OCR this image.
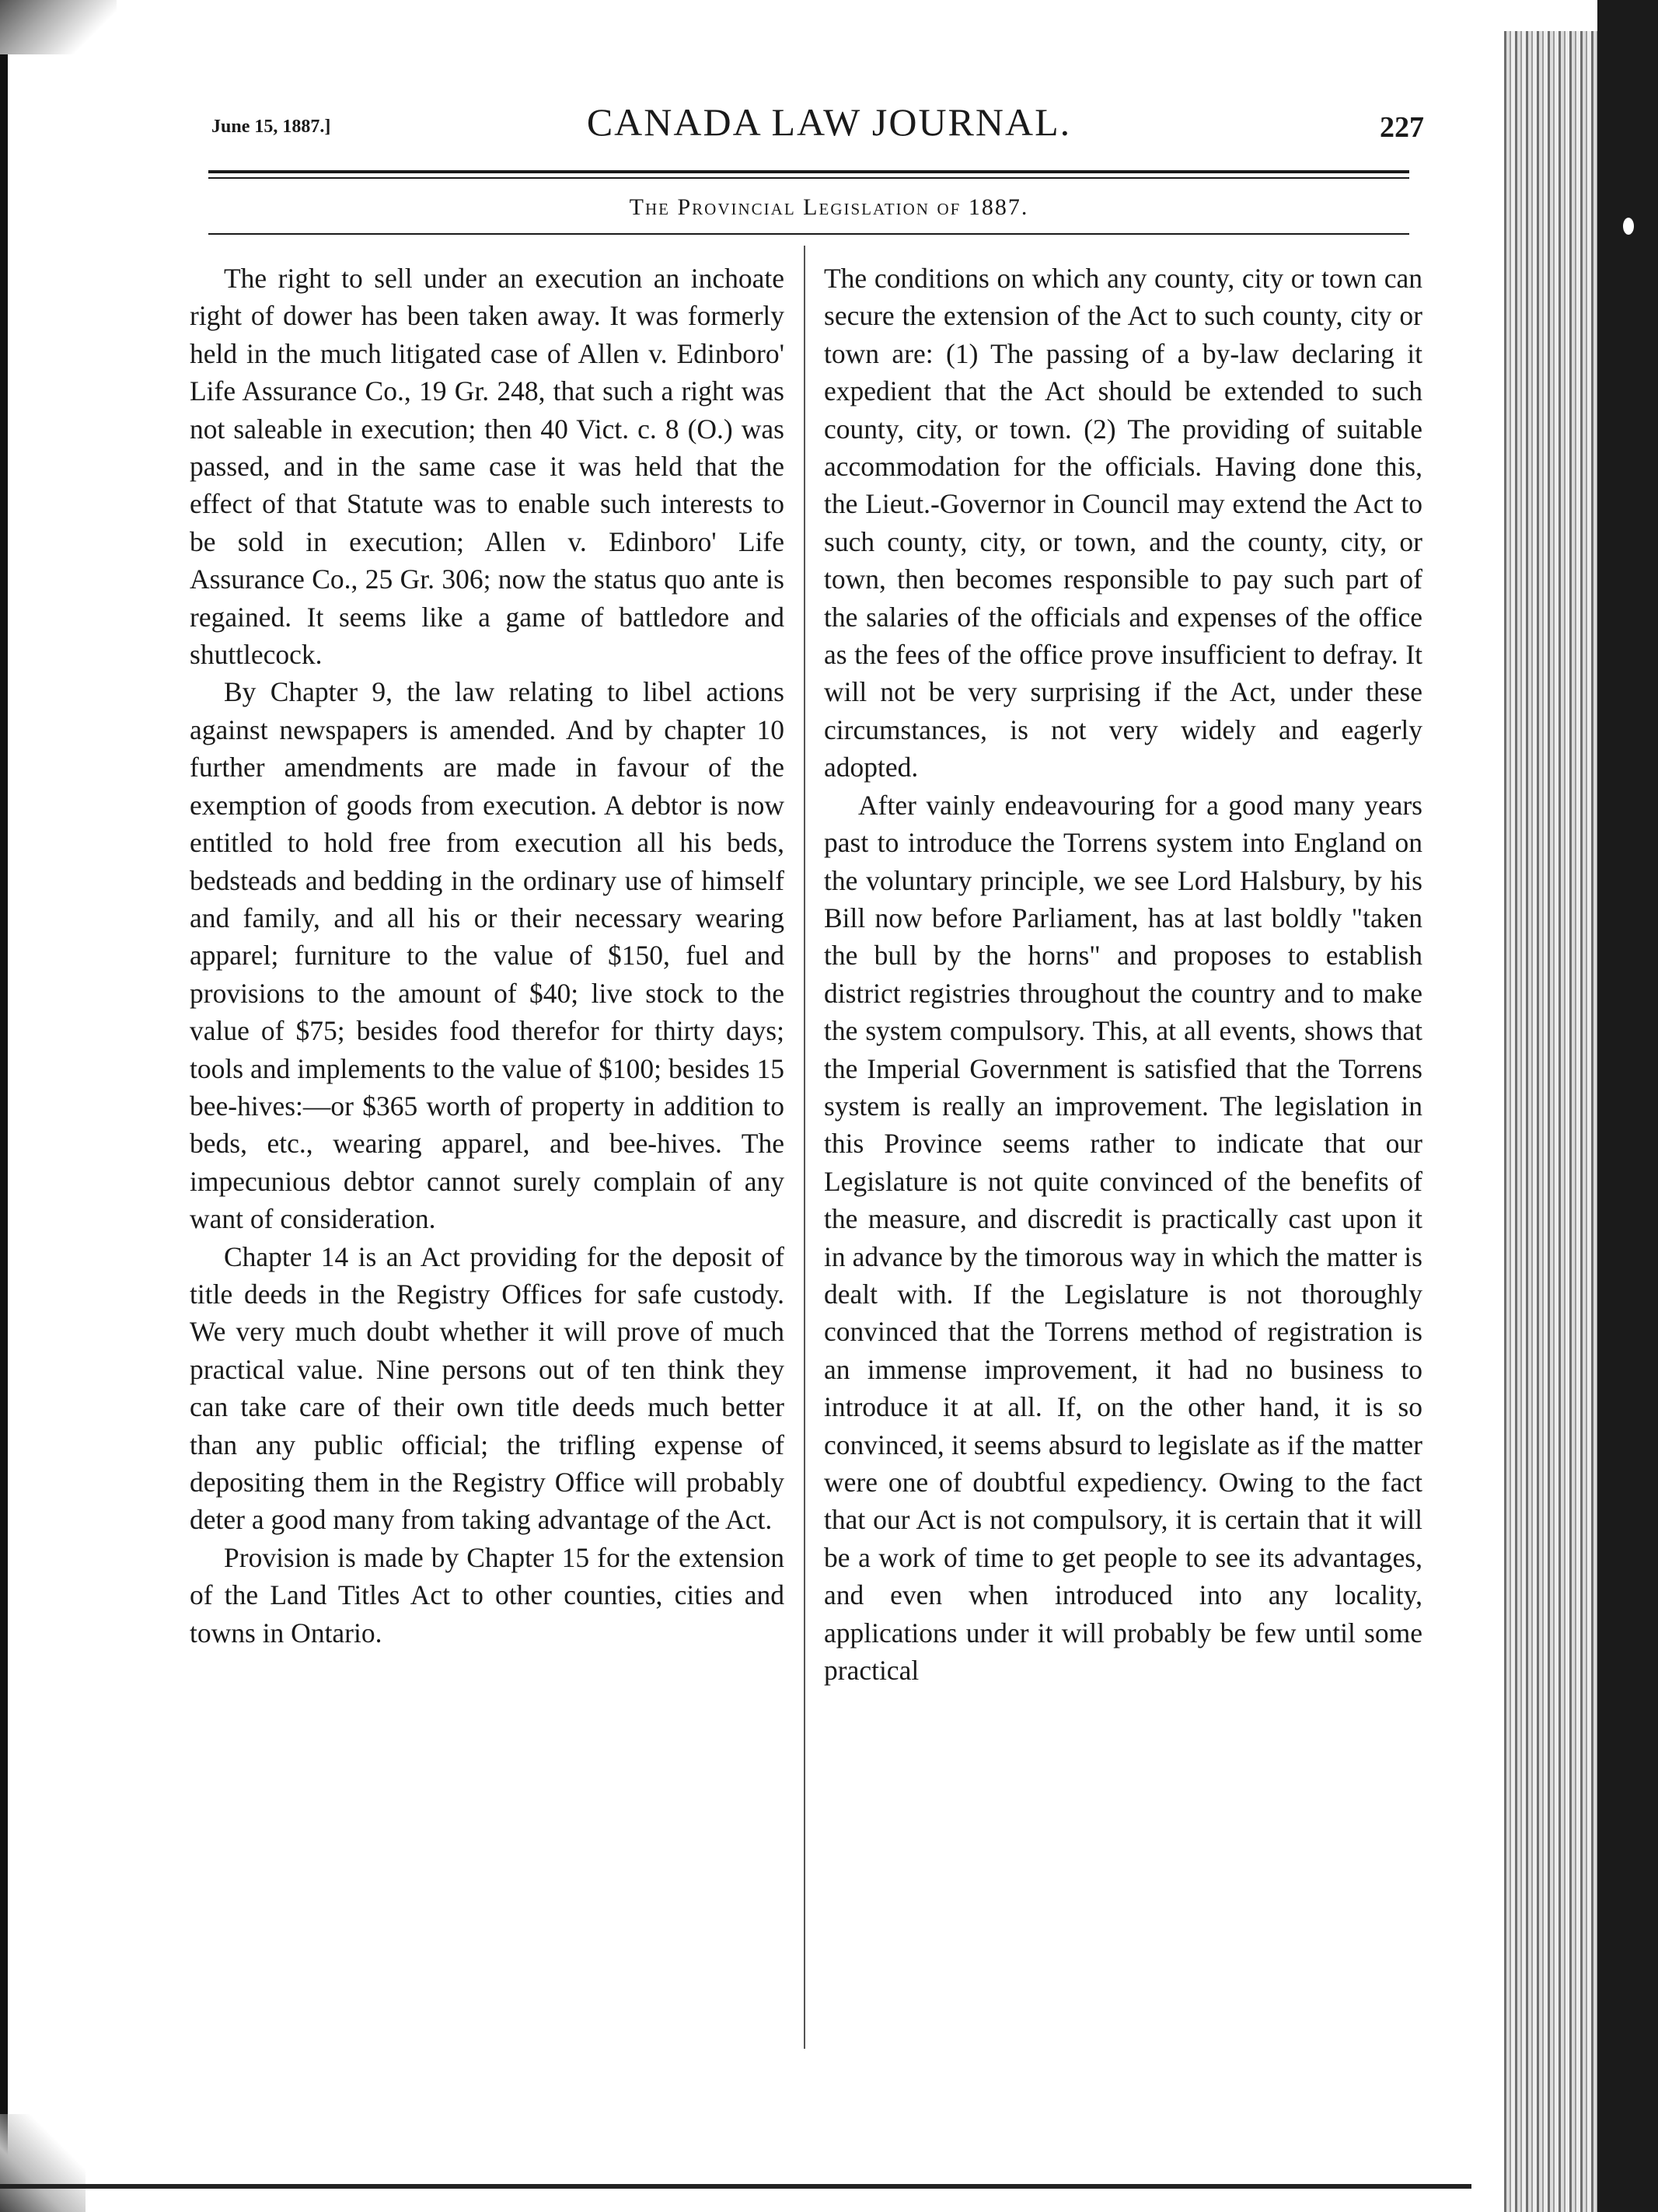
June 15, 1887.]	CANADA LAW JOURNAL.	227
The Provincial Legislation of 1887.

The right to sell under an execution an inchoate right of dower has been taken away. It was formerly held in the much litigated case of Allen v. Edinboro' Life Assurance Co., 19 Gr. 248, that such a right was not saleable in execution; then 40 Vict. c. 8 (O.) was passed, and in the same case it was held that the effect of that Statute was to enable such interests to be sold in execution; Allen v. Edinboro' Life Assurance Co., 25 Gr. 306; now the status quo ante is regained. It seems like a game of battledore and shuttlecock.

By Chapter 9, the law relating to libel actions against newspapers is amended. And by chapter 10 further amendments are made in favour of the exemption of goods from execution. A debtor is now entitled to hold free from execution all his beds, bedsteads and bedding in the ordinary use of himself and family, and all his or their necessary wearing apparel; furniture to the value of $150, fuel and provisions to the amount of $40; live stock to the value of $75; besides food therefor for thirty days; tools and implements to the value of $100; besides 15 bee-hives:—or $365 worth of property in addition to beds, etc., wearing apparel, and bee-hives. The impecunious debtor cannot surely complain of any want of consideration.

Chapter 14 is an Act providing for the deposit of title deeds in the Registry Offices for safe custody. We very much doubt whether it will prove of much practical value. Nine persons out of ten think they can take care of their own title deeds much better than any public official; the trifling expense of depositing them in the Registry Office will probably deter a good many from taking advantage of the Act.

Provision is made by Chapter 15 for the extension of the Land Titles Act to other counties, cities and towns in Ontario.

The conditions on which any county, city or town can secure the extension of the Act to such county, city or town are: (1) The passing of a by-law declaring it expedient that the Act should be extended to such county, city, or town. (2) The providing of suitable accommodation for the officials. Having done this, the Lieut.-Governor in Council may extend the Act to such county, city, or town, and the county, city, or town, then becomes responsible to pay such part of the salaries of the officials and expenses of the office as the fees of the office prove insufficient to defray. It will not be very surprising if the Act, under these circumstances, is not very widely and eagerly adopted.

After vainly endeavouring for a good many years past to introduce the Torrens system into England on the voluntary principle, we see Lord Halsbury, by his Bill now before Parliament, has at last boldly "taken the bull by the horns" and proposes to establish district registries throughout the country and to make the system compulsory. This, at all events, shows that the Imperial Government is satisfied that the Torrens system is really an improvement. The legislation in this Province seems rather to indicate that our Legislature is not quite convinced of the benefits of the measure, and discredit is practically cast upon it in advance by the timorous way in which the matter is dealt with. If the Legislature is not thoroughly convinced that the Torrens method of registration is an immense improvement, it had no business to introduce it at all. If, on the other hand, it is so convinced, it seems absurd to legislate as if the matter were one of doubtful expediency. Owing to the fact that our Act is not compulsory, it is certain that it will be a work of time to get people to see its advantages, and even when introduced into any locality, applications under it will probably be few until some practical
